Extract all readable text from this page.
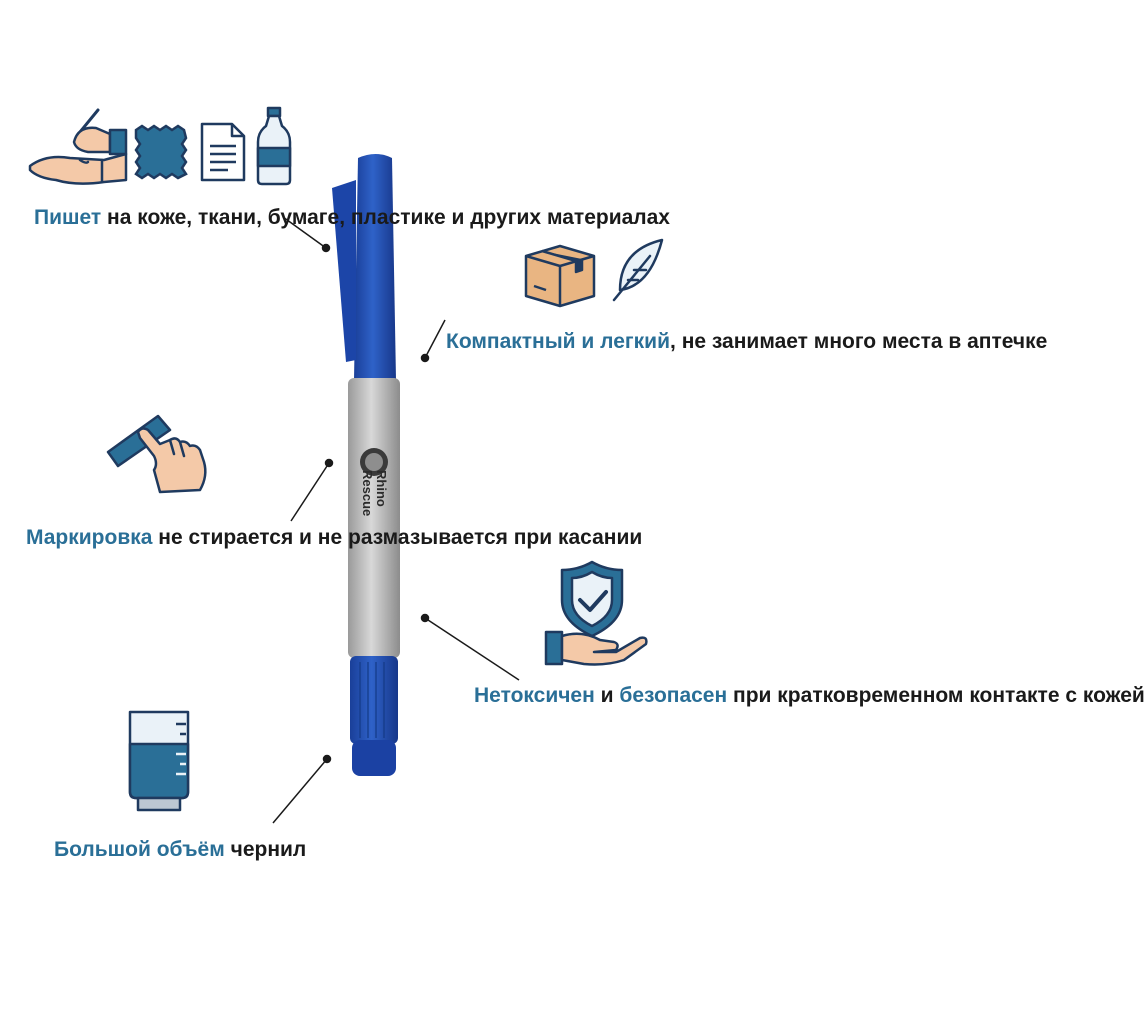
Rhino
Rescue
Пишет на коже, ткани, бумаге, пластике и других материалах
Компактный и легкий, не занимает много места в аптечке
Маркировка не стирается и не размазывается при касании
Нетоксичен и безопасен при кратковременном контакте с кожей
Большой объём чернил
